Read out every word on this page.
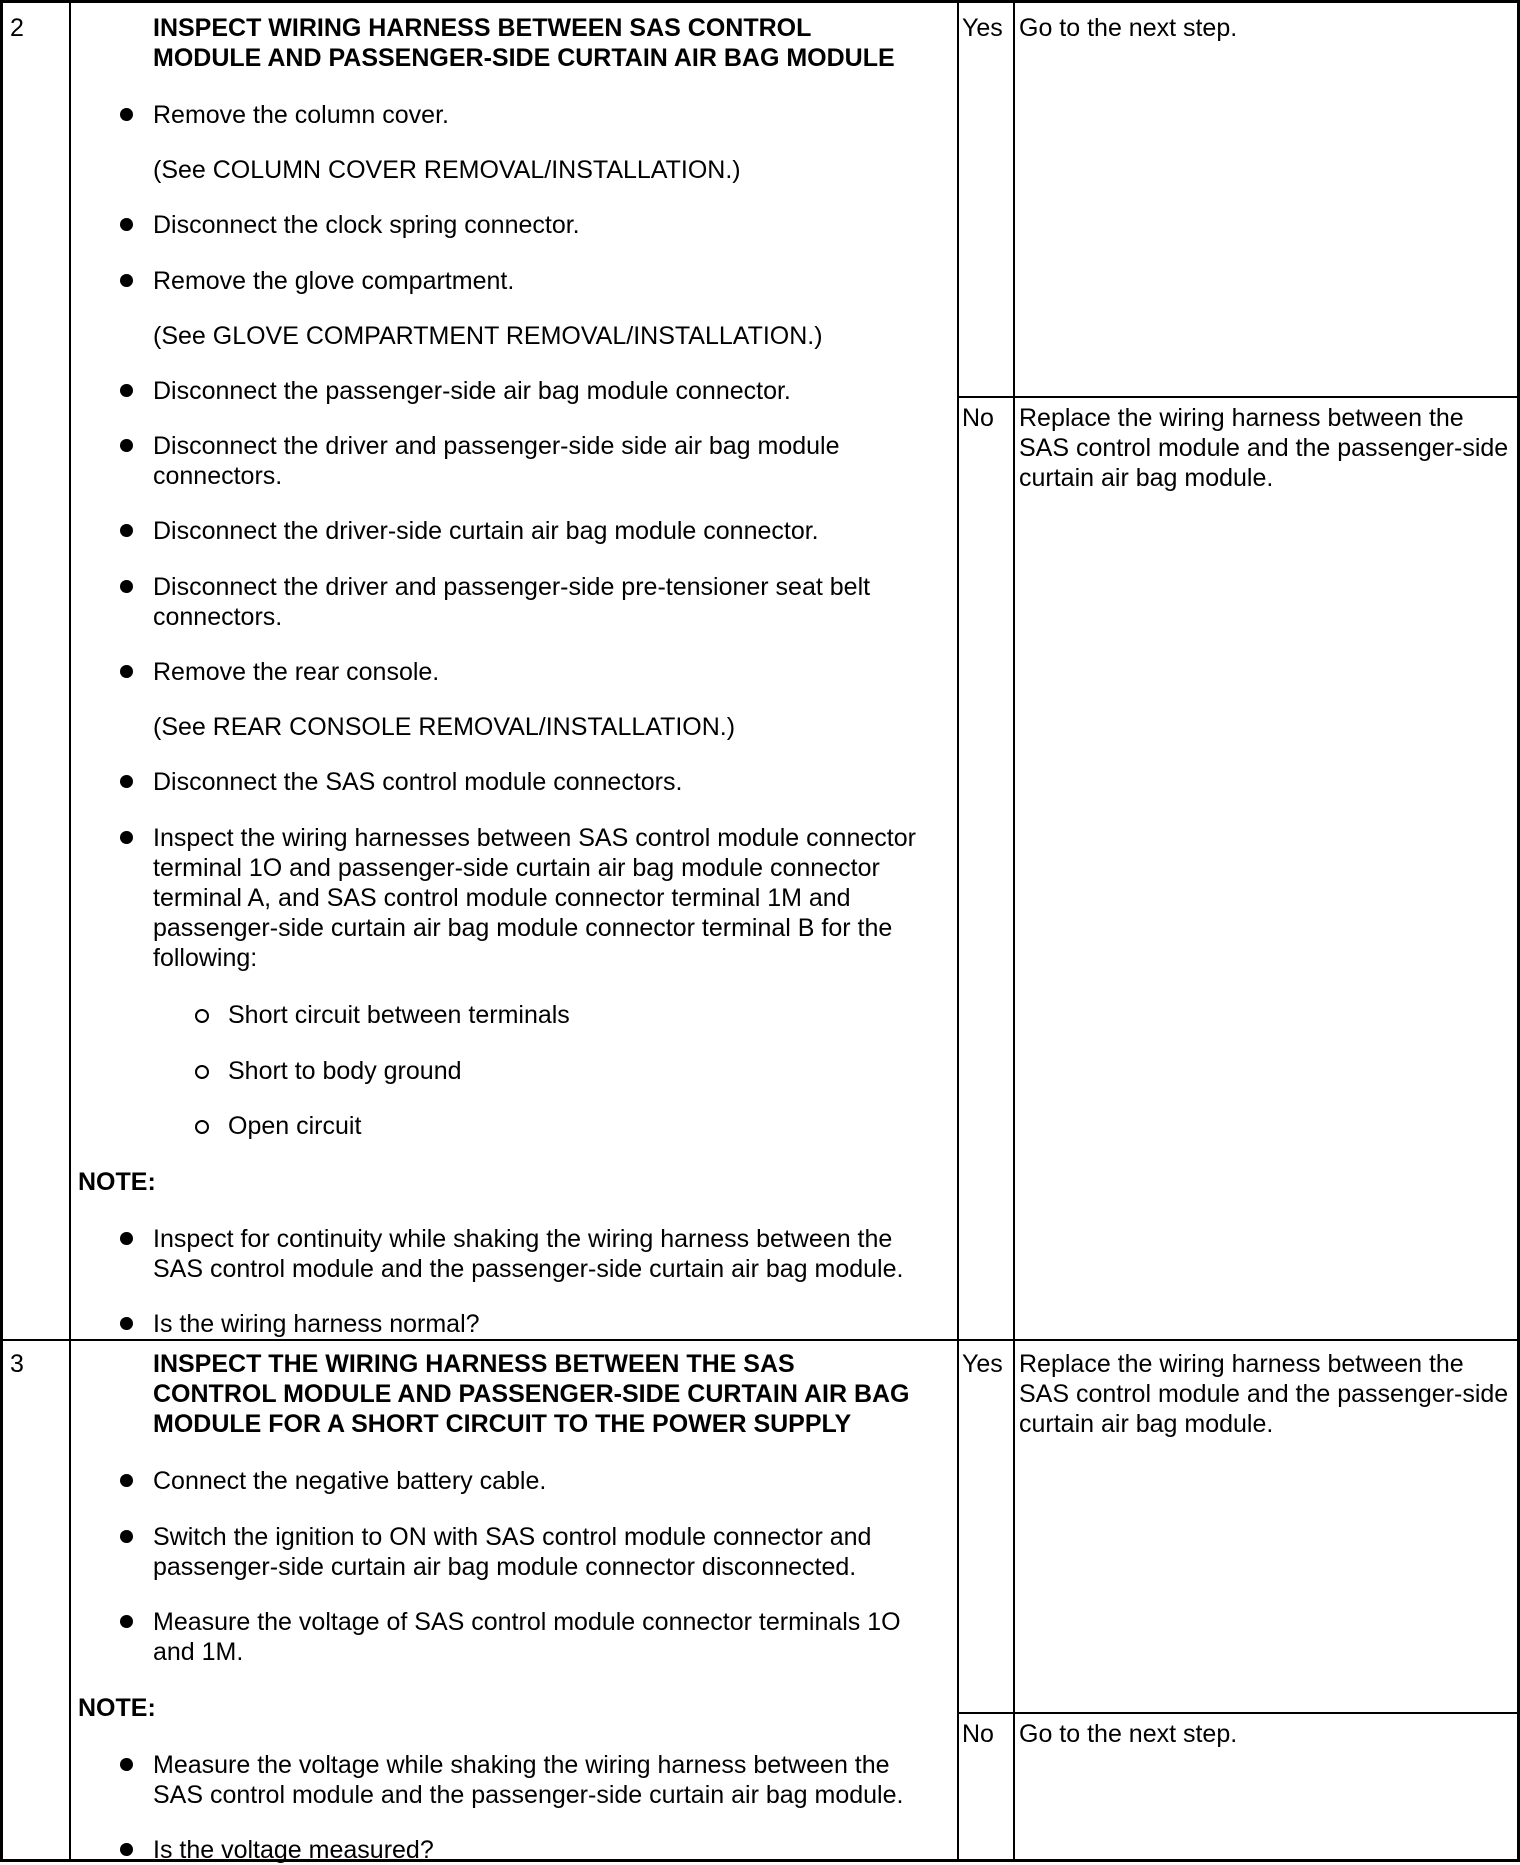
2	INSPECT WIRING HARNESS BETWEEN SAS CONTROL
MODULE AND PASSENGER-SIDE CURTAIN AIR BAG MODULE
Remove the column cover.
(See COLUMN COVER REMOVAL/INSTALLATION.)
Disconnect the clock spring connector.
Remove the glove compartment.
(See GLOVE COMPARTMENT REMOVAL/INSTALLATION.)
Disconnect the passenger-side air bag module connector.
Disconnect the driver and passenger-side side air bag module
connectors.
Disconnect the driver-side curtain air bag module connector.
Disconnect the driver and passenger-side pre-tensioner seat belt
connectors.
Remove the rear console.
(See REAR CONSOLE REMOVAL/INSTALLATION.)
Disconnect the SAS control module connectors.
Inspect the wiring harnesses between SAS control module connector
terminal 1O and passenger-side curtain air bag module connector
terminal A, and SAS control module connector terminal 1M and
passenger-side curtain air bag module connector terminal B for the
following:
Short circuit between terminals
Short to body ground
Open circuit
NOTE:
Inspect for continuity while shaking the wiring harness between the
SAS control module and the passenger-side curtain air bag module.
Is the wiring harness normal?
Yes Go to the next step.
No Replace the wiring harness between the
SAS control module and the passenger-side
curtain air bag module.
3	INSPECT THE WIRING HARNESS BETWEEN THE SAS
CONTROL MODULE AND PASSENGER-SIDE CURTAIN AIR BAG
MODULE FOR A SHORT CIRCUIT TO THE POWER SUPPLY
Connect the negative battery cable.
Switch the ignition to ON with SAS control module connector and
passenger-side curtain air bag module connector disconnected.
Measure the voltage of SAS control module connector terminals 1O
and 1M.
NOTE:
Measure the voltage while shaking the wiring harness between the
SAS control module and the passenger-side curtain air bag module.
Is the voltage measured?
Yes Replace the wiring harness between the
SAS control module and the passenger-side
curtain air bag module.
No Go to the next step.
